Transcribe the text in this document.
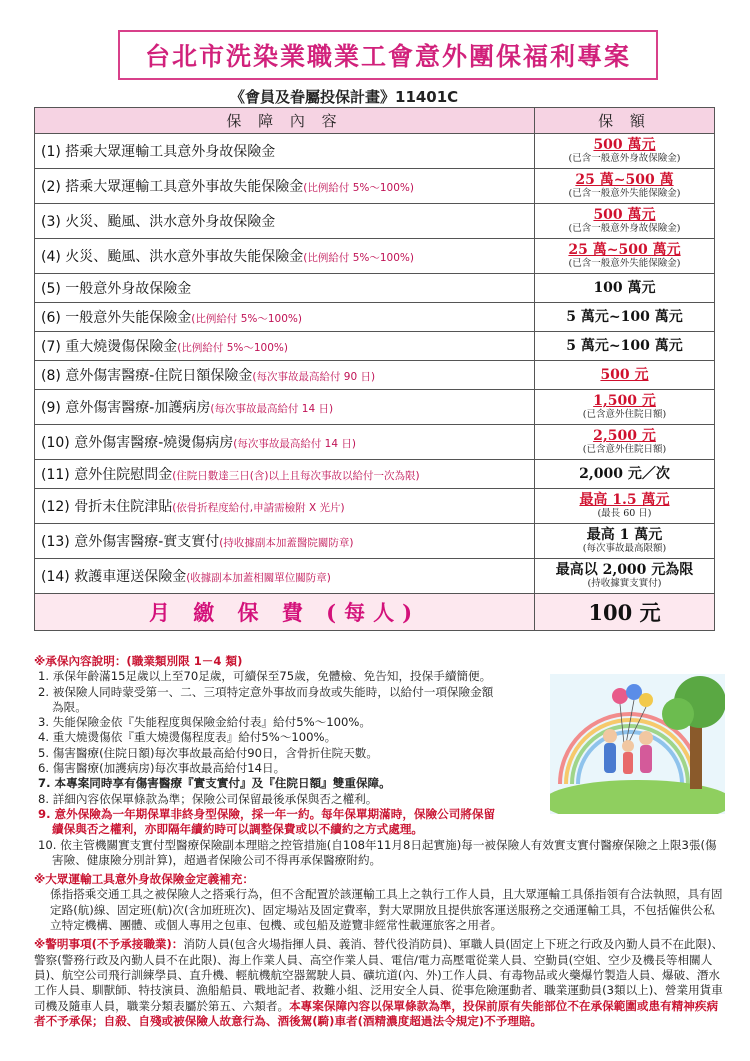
台北市洗染業職業工會意外團保福利專案
《會員及眷屬投保計畫》11401C
保 障 內 容	保 額
(1) 搭乘大眾運輸工具意外身故保險金	500 萬元
(已含一般意外身故保險金)

(2) 搭乘大眾運輸工具意外事故失能保險金(比例給付 5%～100%)	25 萬~500 萬
(已含一般意外失能保險金)

(3) 火災、颱風、洪水意外身故保險金	500 萬元
(已含一般意外身故保險金)

(4) 火災、颱風、洪水意外事故失能保險金(比例給付 5%～100%)	25 萬~500 萬元
(已含一般意外失能保險金)

(5) 一般意外身故保險金	100 萬元

(6) 一般意外失能保險金(比例給付 5%～100%)	5 萬元~100 萬元

(7) 重大燒燙傷保險金(比例給付 5%～100%)	5 萬元~100 萬元

(8) 意外傷害醫療-住院日額保險金(每次事故最高給付 90 日)	500 元

(9) 意外傷害醫療-加護病房(每次事故最高給付 14 日)	1,500 元
(已含意外住院日額)

(10) 意外傷害醫療-燒燙傷病房(每次事故最高給付 14 日)	2,500 元
(已含意外住院日額)

(11) 意外住院慰問金(住院日數達三日(含)以上且每次事故以給付一次為限)	2,000 元／次

(12) 骨折未住院津貼(依骨折程度給付,申請需檢附 X 光片)	最高 1.5 萬元
(最長 60 日)

(13) 意外傷害醫療-實支實付(持收據副本加蓋醫院關防章)	最高 1 萬元
(每次事故最高限額)

(14) 救護車運送保險金(收據副本加蓋相關單位關防章)	最高以 2,000 元為限
(持收據實支實付)

月 繳 保 費 (每人)	100 元
※承保內容說明：(職業類別限 1－4 類)
1. 承保年齡滿15足歲以上至70足歲，可續保至75歲，免體檢、免告知，投保手續簡便。
2. 被保險人同時蒙受第一、二、三項特定意外事故而身故或失能時，以給付一項保險金額為限。
3. 失能保險金依『失能程度與保險金給付表』給付5%～100%。
4. 重大燒燙傷依『重大燒燙傷程度表』給付5%～100%。
5. 傷害醫療(住院日額)每次事故最高給付90日，含骨折住院天數。
6. 傷害醫療(加護病房)每次事故最高給付14日。
7. 本專案同時享有傷害醫療『實支實付』及『住院日額』雙重保障。
8. 詳細內容依保單條款為準；保險公司保留最後承保與否之權利。
9. 意外保險為一年期保單非終身型保險，採一年一約。每年保單期滿時，保險公司將保留續保與否之權利，亦即隔年續約時可以調整保費或以不續約之方式處理。
10. 依主管機關實支實付型醫療保險副本理賠之控管措施(自108年11月8日起實施)每一被保險人有效實支實付醫療保險之上限3張(傷害險、健康險分別計算)，超過者保險公司不得再承保醫療附約。
※大眾運輸工具意外身故保險金定義補充：
係指搭乘交通工具之被保險人之搭乘行為，但不含配置於該運輸工具上之執行工作人員，且大眾運輸工具係指領有合法執照，具有固定路(航)線、固定班(航)次(含加班班次)、固定場站及固定費率，對大眾開放且提供旅客運送服務之交通運輸工具，不包括僱供公私立特定機構、團體、或個人專用之包車、包機、或包船及遊覽非經常性載運旅客之用者。
※警明事項(不予承接職業)：消防人員(包含火場指揮人員、義消、替代役消防員)、軍職人員(固定上下班之行政及內勤人員不在此限)、警察(警務行政及內勤人員不在此限)、海上作業人員、高空作業人員、電信/電力高壓電從業人員、空勤員(空姐、空少及機長等相關人員)、航空公司飛行訓練學員、直升機、輕航機航空器駕駛人員、礦坑道(內、外)工作人員、有毒物品或火藥爆竹製造人員、爆破、潛水工作人員、馴獸師、特技演員、漁船船員、戰地記者、救難小組、泛用安全人員、從事危險運動者、職業運動員(3類以上)、營業用貨車司機及隨車人員，職業分類表屬於第五、六類者。本專案保障內容以保單條款為準，投保前原有失能部位不在承保範圍或患有精神疾病者不予承保；自殺、自殘或被保險人故意行為、酒後駕(騎)車者(酒精濃度超過法令規定)不予理賠。
